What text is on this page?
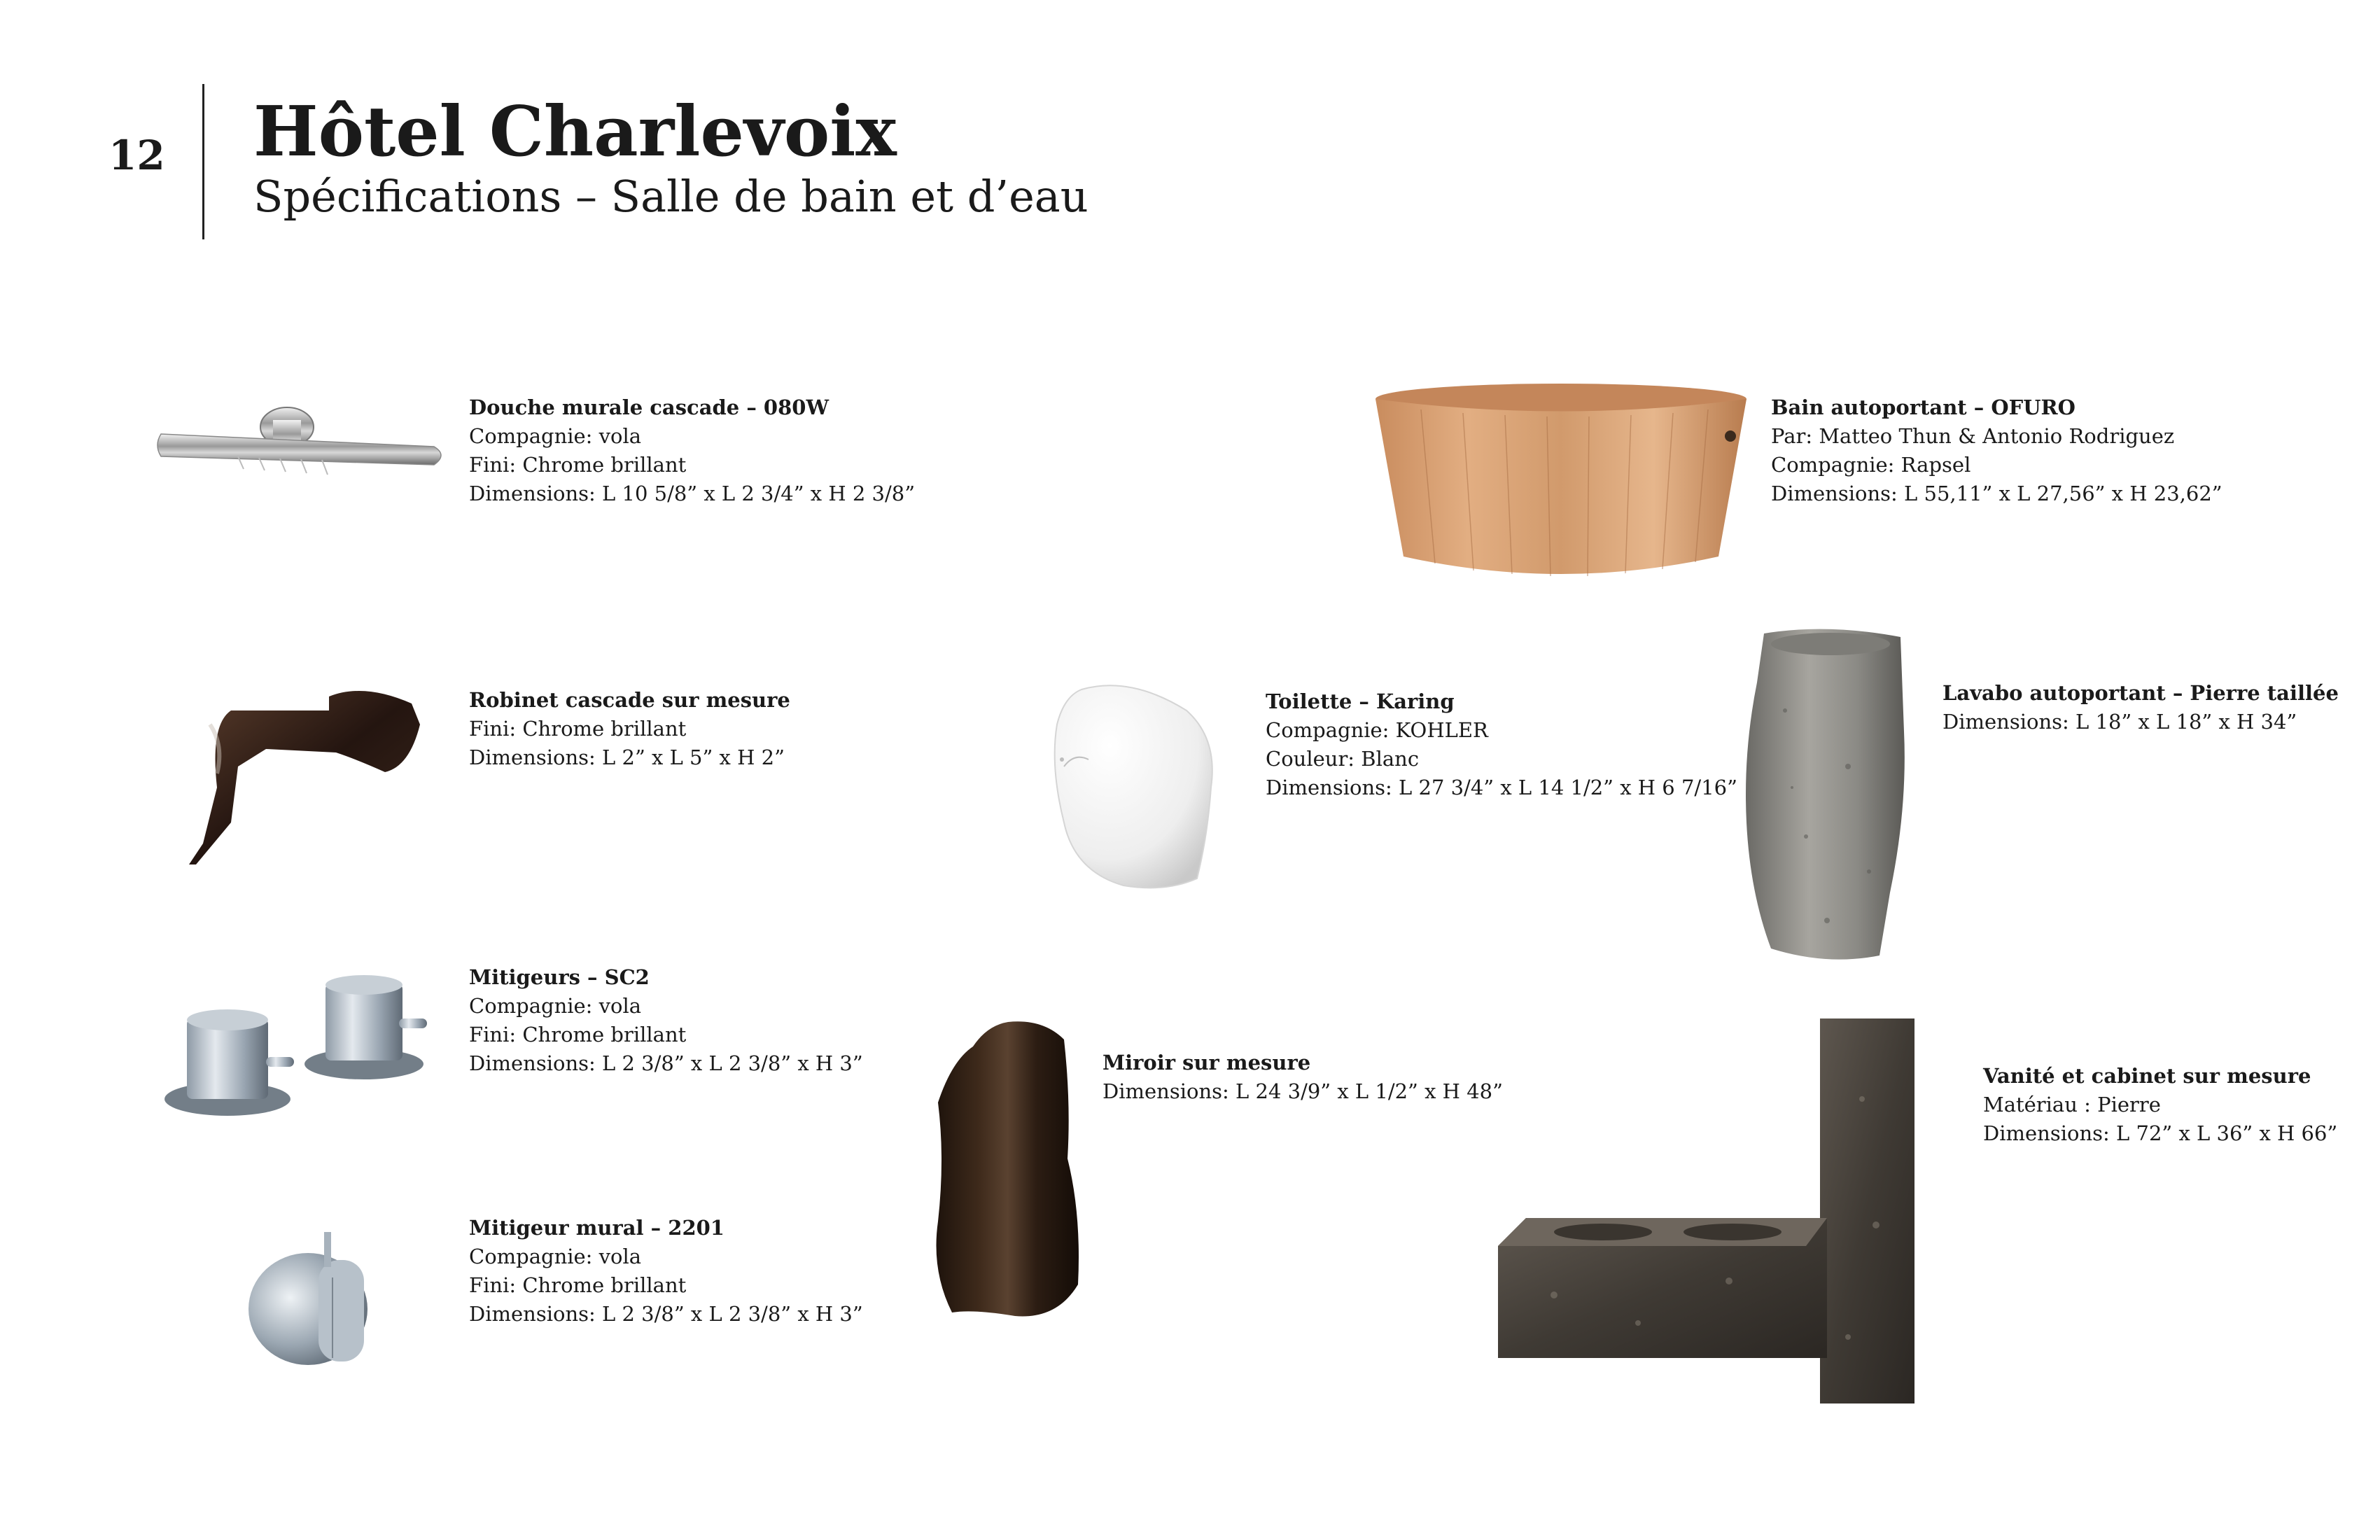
12 Hôtel Charlevoix
Spécifications – Salle de bain et d’eau
Douche murale cascade – 080W
Compagnie: vola
Fini: Chrome brillant
Dimensions: L 10 5/8” x L 2 3/4” x H 2 3/8”
Robinet cascade sur mesure
Fini: Chrome brillant
Dimensions: L 2” x L 5” x H 2”
Mitigeurs – SC2
Compagnie: vola
Fini: Chrome brillant
Dimensions: L 2 3/8” x L 2 3/8” x H 3”
Mitigeur mural – 2201
Compagnie: vola
Fini: Chrome brillant
Dimensions: L 2 3/8” x L 2 3/8” x H 3”
Toilette – Karing
Compagnie: KOHLER
Couleur: Blanc
Dimensions: L 27 3/4” x L 14 1/2” x H 6 7/16”
Miroir sur mesure
Dimensions: L 24 3/9” x L 1/2” x H 48”
Bain autoportant – OFURO
Par: Matteo Thun & Antonio Rodriguez
Compagnie: Rapsel
Dimensions: L 55,11” x L 27,56” x H 23,62”
Lavabo autoportant – Pierre taillée
Dimensions: L 18” x L 18” x H 34”
Vanité et cabinet sur mesure
Matériau : Pierre
Dimensions: L 72” x L 36” x H 66”
